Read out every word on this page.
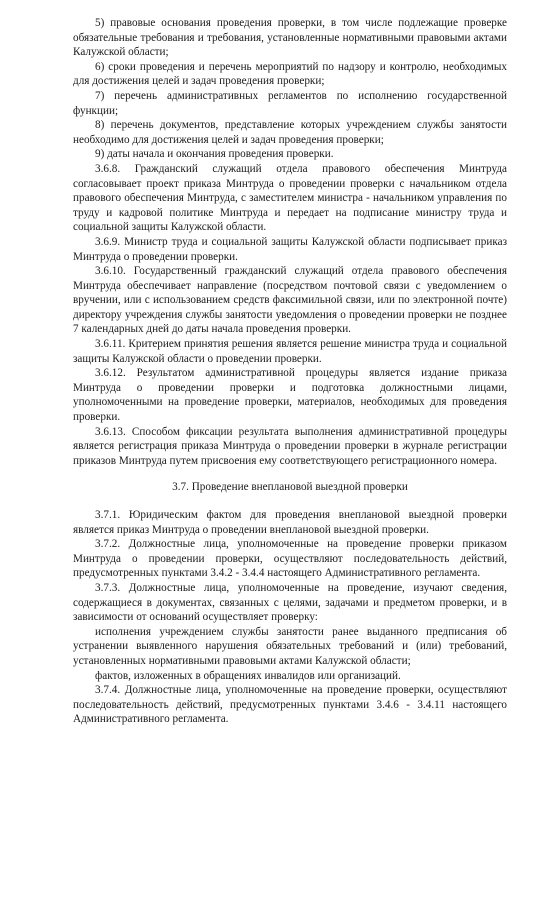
5) правовые основания проведения проверки, в том числе подлежащие проверке обязательные требования и требования, установленные нормативными правовыми актами Калужской области;

6) сроки проведения и перечень мероприятий по надзору и контролю, необходимых для достижения целей и задач проведения проверки;

7) перечень административных регламентов по исполнению государственной функции;

8) перечень документов, представление которых учреждением службы занятости необходимо для достижения целей и задач проведения проверки;

9) даты начала и окончания проведения проверки.

3.6.8. Гражданский служащий отдела правового обеспечения Минтруда согласовывает проект приказа Минтруда о проведении проверки с начальником отдела правового обеспечения Минтруда, с заместителем министра - начальником управления по труду и кадровой политике Минтруда и передает на подписание министру труда и социальной защиты Калужской области.

3.6.9. Министр труда и социальной защиты Калужской области подписывает приказ Минтруда о проведении проверки.

3.6.10. Государственный гражданский служащий отдела правового обеспечения Минтруда обеспечивает направление (посредством почтовой связи с уведомлением о вручении, или с использованием средств факсимильной связи, или по электронной почте) директору учреждения службы занятости уведомления о проведении проверки не позднее 7 календарных дней до даты начала проведения проверки.

3.6.11. Критерием принятия решения является решение министра труда и социальной защиты Калужской области о проведении проверки.

3.6.12. Результатом административной процедуры является издание приказа Минтруда о проведении проверки и подготовка должностными лицами, уполномоченными на проведение проверки, материалов, необходимых для проведения проверки.

3.6.13. Способом фиксации результата выполнения административной процедуры является регистрация приказа Минтруда о проведении проверки в журнале регистрации приказов Минтруда путем присвоения ему соответствующего регистрационного номера.

3.7. Проведение внеплановой выездной проверки

3.7.1. Юридическим фактом для проведения внеплановой выездной проверки является приказ Минтруда о проведении внеплановой выездной проверки.

3.7.2. Должностные лица, уполномоченные на проведение проверки приказом Минтруда о проведении проверки, осуществляют последовательность действий, предусмотренных пунктами 3.4.2 - 3.4.4 настоящего Административного регламента.

3.7.3. Должностные лица, уполномоченные на проведение, изучают сведения, содержащиеся в документах, связанных с целями, задачами и предметом проверки, и в зависимости от оснований осуществляет проверку:

исполнения учреждением службы занятости ранее выданного предписания об устранении выявленного нарушения обязательных требований и (или) требований, установленных нормативными правовыми актами Калужской области;

фактов, изложенных в обращениях инвалидов или организаций.

3.7.4. Должностные лица, уполномоченные на проведение проверки, осуществляют последовательность действий, предусмотренных пунктами 3.4.6 - 3.4.11 настоящего Административного регламента.
